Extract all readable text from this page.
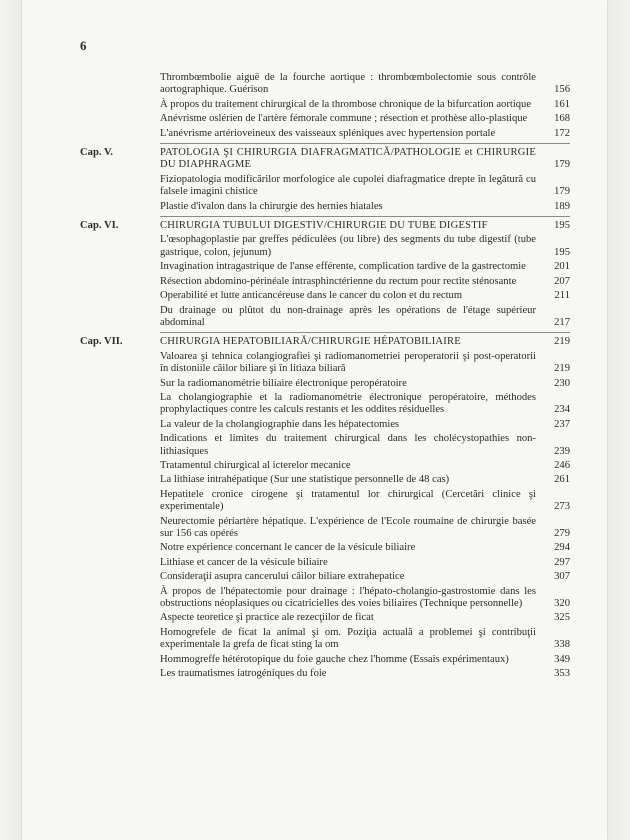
6
Thrombœmbolie aiguë de la fourche aortique : thrombœmbolectomie sous contrôle aortographique. Guérison	156
À propos du traitement chirurgical de la thrombose chronique de la bifurcation aortique	161
Anévrisme oslérien de l'artère fémorale commune ; résection et prothèse allo-plastique	168
L'anévrisme artérioveineux des vaisseaux spléniques avec hypertension portale	172
Cap. V.	PATOLOGIA ŞI CHIRURGIA DIAFRAGMATICĂ/PATHOLOGIE et CHIRURGIE DU DIAPHRAGME	179
Fiziopatologia modificărilor morfologice ale cupolei diafragmatice drepte în legătură cu falsele imagini chistice	179
Plastie d'ivalon dans la chirurgie des hernies hiatales	189
Cap. VI.	CHIRURGIA TUBULUI DIGESTIV/CHIRURGIE DU TUBE DIGESTIF	195
L'œsophagoplastie par greffes pédiculées (ou libre) des segments du tube digestif (tube gastrique, colon, jejunum)	195
Invagination intragastrique de l'anse efférente, complication tardive de la gastrectomie	201
Résection abdomino-périnéale intrasphinctérienne du rectum pour rectite sténosante	207
Operabilité et lutte anticancéreuse dans le cancer du colon et du rectum	211
Du drainage ou plûtot du non-drainage après les opérations de l'étage supérieur abdominal	217
Cap. VII.	CHIRURGIA HEPATOBILIARĂ/CHIRURGIE HÉPATOBILIAIRE	219
Valoarea şi tehnica colangiografiei şi radiomanometriei peroperatorii şi post-operatorii în distoniile căilor biliare şi în litiaza biliară	219
Sur la radiomanométrie biliaire électronique peropératoire	230
La cholangiographie et la radiomanométrie électronique peropératoire, méthodes prophylactiques contre les calculs restants et les oddites résiduelles	234
La valeur de la cholangiographie dans les hépatectomies	237
Indications et limites du traitement chirurgical dans les cholécystopathies non-lithiasiques	239
Tratamentul chirurgical al icterelor mecanice	246
La lithiase intrahépatique (Sur une statistique personnelle de 48 cas)	261
Hepatitele cronice cirogene şi tratamentul lor chirurgical (Cercetări clinice şi experimentale)	273
Neurectomie périartère hépatique. L'expérience de l'Ecole roumaine de chirurgie basée sur 156 cas opérés	279
Notre expérience concernant le cancer de la vésicule biliaire	294
Lithiase et cancer de la vésicule biliaire	297
Consideraţii asupra cancerului căilor biliare extrahepatice	307
À propos de l'hépatectomie pour drainage : l'hépato-cholangio-gastrostomie dans les obstructions néoplasiques ou cicatricielles des voies biliaires (Technique personnelle)	320
Aspecte teoretice şi practice ale rezecţiilor de ficat	325
Homogrefele de ficat la animal şi om. Poziţia actuală a problemei şi contribuţii experimentale la grefa de ficat sting la om	338
Hommogreffe hétérotopique du foie gauche chez l'homme (Essais expérimentaux)	349
Les traumatismes iatrogéniques du foie	353
